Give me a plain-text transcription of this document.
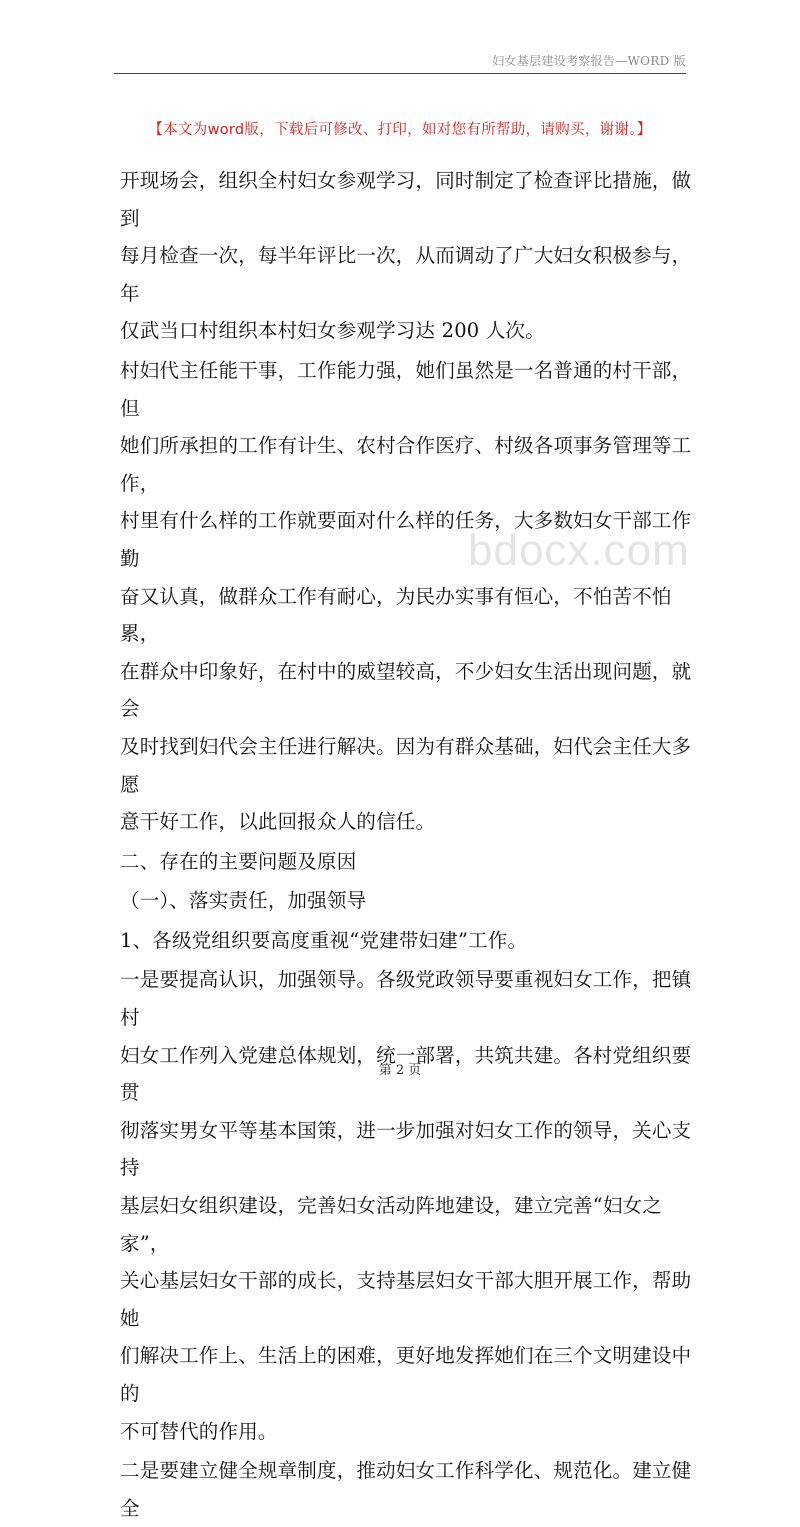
妇女基层建设考察报告—WORD 版
【本文为word版，下载后可修改、打印，如对您有所帮助，请购买，谢谢。】

开现场会，组织全村妇女参观学习，同时制定了检查评比措施，做到
每月检查一次，每半年评比一次，从而调动了广大妇女积极参与，年
仅武当口村组织本村妇女参观学习达 200 人次。

村妇代主任能干事，工作能力强，她们虽然是一名普通的村干部，但
她们所承担的工作有计生、农村合作医疗、村级各项事务管理等工作，
村里有什么样的工作就要面对什么样的任务，大多数妇女干部工作勤
奋又认真，做群众工作有耐心，为民办实事有恒心，不怕苦不怕累，
在群众中印象好，在村中的威望较高，不少妇女生活出现问题，就会
及时找到妇代会主任进行解决。因为有群众基础，妇代会主任大多愿
意干好工作，以此回报众人的信任。

二、存在的主要问题及原因

（一）、落实责任，加强领导

1、各级党组织要高度重视“党建带妇建”工作。

一是要提高认识，加强领导。各级党政领导要重视妇女工作，把镇村
妇女工作列入党建总体规划，统一部署，共筑共建。各村党组织要贯
彻落实男女平等基本国策，进一步加强对妇女工作的领导，关心支持
基层妇女组织建设，完善妇女活动阵地建设，建立完善“妇女之家”，
关心基层妇女干部的成长，支持基层妇女干部大胆开展工作，帮助她
们解决工作上、生活上的困难，更好地发挥她们在三个文明建设中的
不可替代的作用。

二是要建立健全规章制度，推动妇女工作科学化、规范化。建立健全

bdocx.com
第 2 页
